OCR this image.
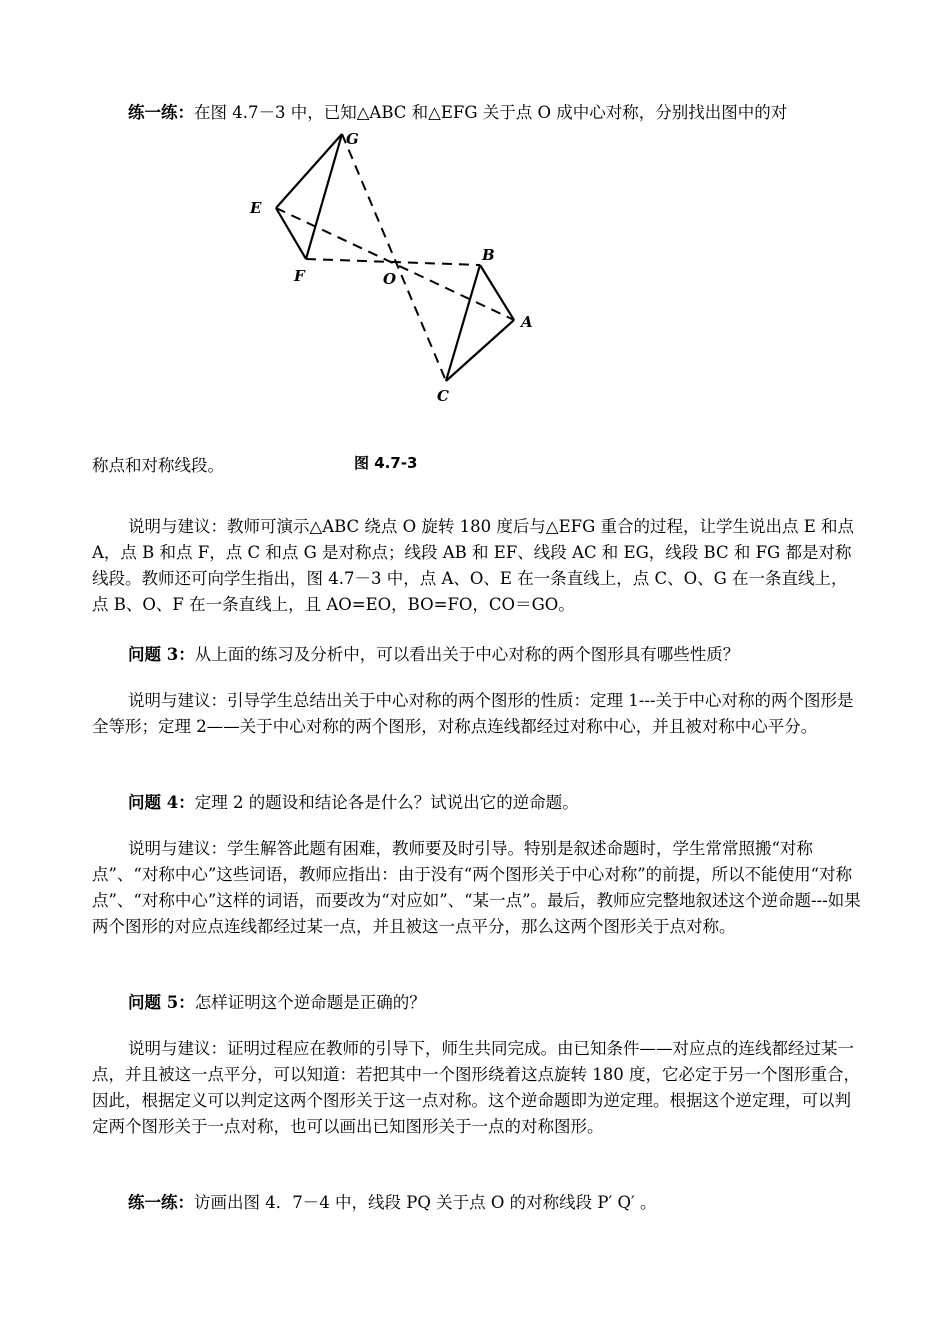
练一练：在图 4.7－3 中，已知△ABC 和△EFG 关于点 O 成中心对称，分别找出图中的对
G
E
F	O
B
A
C
称点和对称线段。	图 4.7-3
说明与建议：教师可演示△ABC 绕点 O 旋转 180 度后与△EFG 重合的过程，让学生说出点 E 和点 A，点 B 和点 F，点 C 和点 G 是对称点；线段 AB 和 EF、线段 AC 和 EG，线段 BC 和 FG 都是对称线段。教师还可向学生指出，图 4.7－3 中，点 A、O、E 在一条直线上，点 C、O、G 在一条直线上，点 B、O、F 在一条直线上，且 AO=EO，BO=FO，CO＝GO。
问题 3：从上面的练习及分析中，可以看出关于中心对称的两个图形具有哪些性质？
说明与建议：引导学生总结出关于中心对称的两个图形的性质：定理 1---关于中心对称的两个图形是全等形；定理 2——关于中心对称的两个图形，对称点连线都经过对称中心，并且被对称中心平分。
问题 4：定理 2 的题设和结论各是什么？试说出它的逆命题。
说明与建议：学生解答此题有困难，教师要及时引导。特别是叙述命题时，学生常常照搬“对称点”、“对称中心”这些词语，教师应指出：由于没有“两个图形关于中心对称”的前提，所以不能使用“对称点”、“对称中心”这样的词语，而要改为“对应如”、“某一点”。最后，教师应完整地叙述这个逆命题---如果两个图形的对应点连线都经过某一点，并且被这一点平分，那么这两个图形关于点对称。
问题 5：怎样证明这个逆命题是正确的？
说明与建议：证明过程应在教师的引导下，师生共同完成。由已知条件——对应点的连线都经过某一点，并且被这一点平分，可以知道：若把其中一个图形绕着这点旋转 180 度，它必定于另一个图形重合，因此，根据定义可以判定这两个图形关于这一点对称。这个逆命题即为逆定理。根据这个逆定理，可以判定两个图形关于一点对称，也可以画出已知图形关于一点的对称图形。
练一练：访画出图 4．7－4 中，线段 PQ 关于点 O 的对称线段 P′ Q′ 。
